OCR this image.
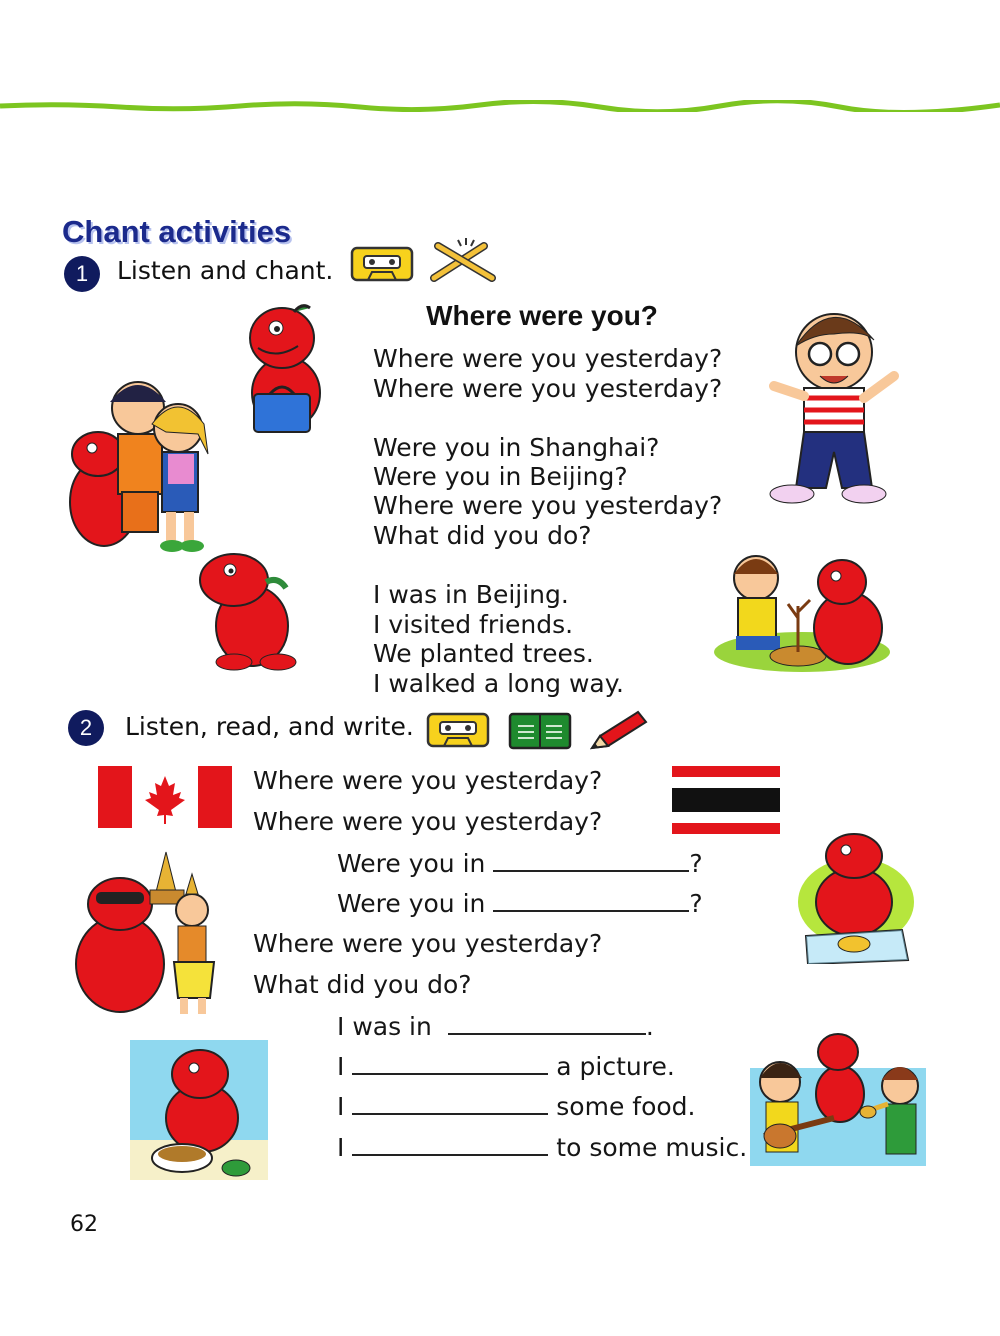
Chant activities
1	Listen and chant.
Where were you?
Where were you yesterday?
Where were you yesterday?
Were you in Shanghai?
Were you in Beijing?
Where were you yesterday?
What did you do?
I was in Beijing.
I visited friends.
We planted trees.
I walked a long way.
2	Listen, read, and write.
Where were you yesterday?
Where were you yesterday?
Were you in	?
Were you in	?
Where were you yesterday?
What did you do?
I was in	.
I	a picture.
I	some food.
I	to some music.
62
